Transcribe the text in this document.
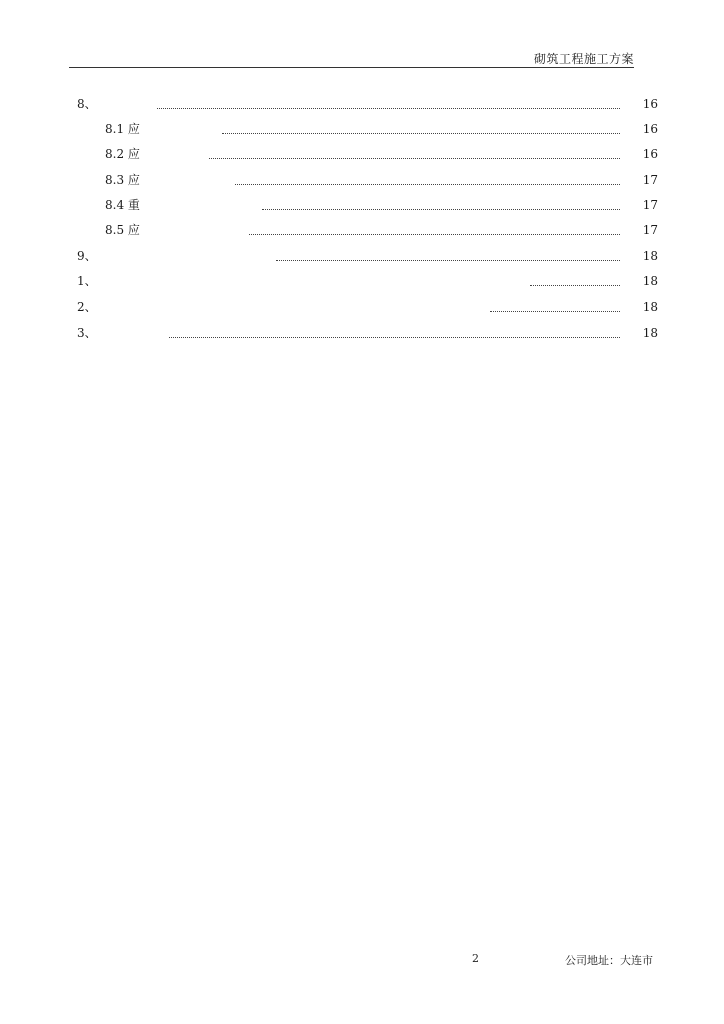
砌筑工程施工方案
8、	16
8.1 应	16
8.2 应	16
8.3 应	17
8.4 重	17
8.5 应	17
9、	18
1、	18
2、	18
3、	18
2	公司地址：大连市
